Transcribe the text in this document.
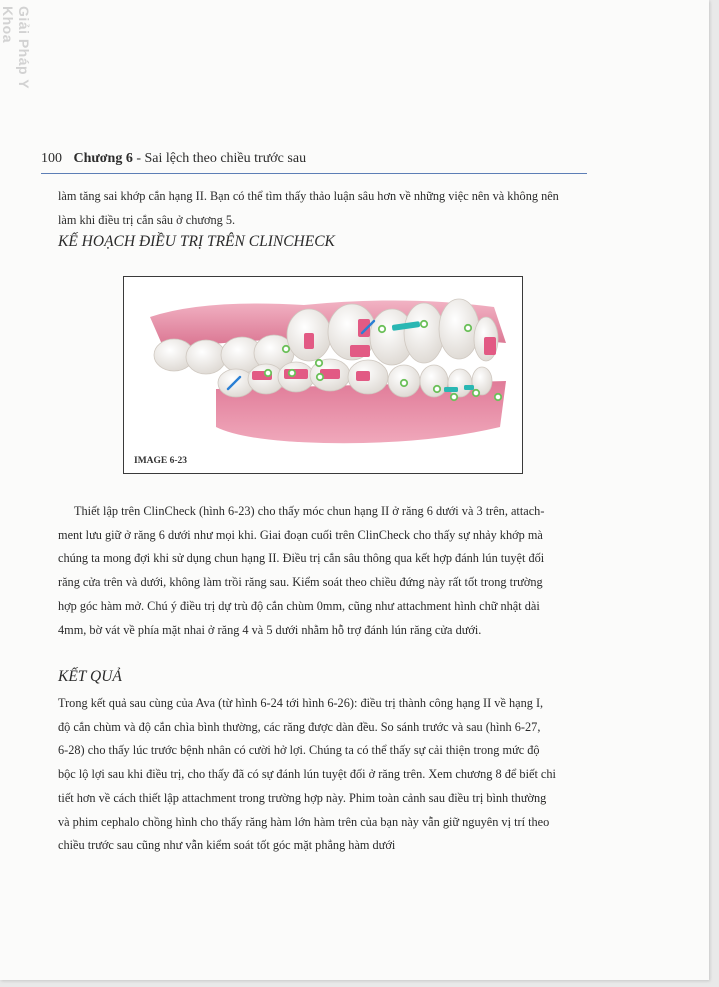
Giải Pháp Y Khoa
100 Chương 6 - Sai lệch theo chiều trước sau
làm tăng sai khớp cắn hạng II. Bạn có thể tìm thấy thảo luận sâu hơn về những việc nên và không nên
làm khi điều trị cắn sâu ở chương 5.
KẾ HOẠCH ĐIỀU TRỊ TRÊN CLINCHECK
IMAGE 6-23
Thiết lập trên ClinCheck (hình 6-23) cho thấy móc chun hạng II ở răng 6 dưới và 3 trên, attach-
ment lưu giữ ở răng 6 dưới như mọi khi. Giai đoạn cuối trên ClinCheck cho thấy sự nhảy khớp mà
chúng ta mong đợi khi sử dụng chun hạng II. Điều trị cắn sâu thông qua kết hợp đánh lún tuyệt đối
răng cửa trên và dưới, không làm trồi răng sau. Kiểm soát theo chiều đứng này rất tốt trong trường
hợp góc hàm mở. Chú ý điều trị dự trù độ cắn chùm 0mm, cũng như attachment hình chữ nhật dài
4mm, bờ vát về phía mặt nhai ở răng 4 và 5 dưới nhằm hỗ trợ đánh lún răng cửa dưới.
KẾT QUẢ
Trong kết quả sau cùng của Ava (từ hình 6-24 tới hình 6-26): điều trị thành công hạng II về hạng I,
độ cắn chùm và độ cắn chìa bình thường, các răng được dàn đều. So sánh trước và sau (hình 6-27,
6-28) cho thấy lúc trước bệnh nhân có cười hở lợi. Chúng ta có thể thấy sự cải thiện trong mức độ
bộc lộ lợi sau khi điều trị, cho thấy đã có sự đánh lún tuyệt đối ở răng trên. Xem chương 8 để biết chi
tiết hơn về cách thiết lập attachment trong trường hợp này. Phim toàn cảnh sau điều trị bình thường
và phim cephalo chồng hình cho thấy răng hàm lớn hàm trên của bạn này vẫn giữ nguyên vị trí theo
chiều trước sau cũng như vẫn kiểm soát tốt góc mặt phẳng hàm dưới
